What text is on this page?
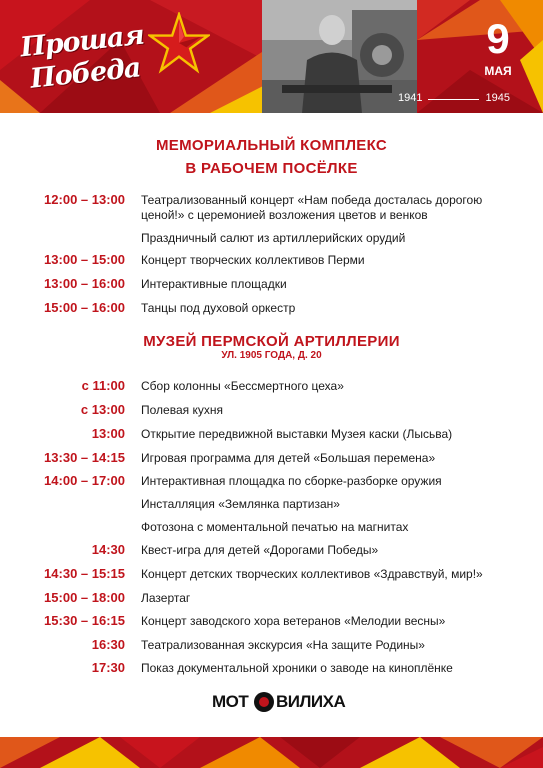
Прошая
Победа
9
МАЯ
1941	1945
МЕМОРИАЛЬНЫЙ КОМПЛЕКС
В РАБОЧЕМ ПОСЁЛКЕ
12:00 – 13:00 Театрализованный концерт «Нам победа досталась дорогою
ценой!» с церемонией возложения цветов и венков
Праздничный салют из артиллерийских орудий
13:00 – 15:00 Концерт творческих коллективов Перми
13:00 – 16:00 Интерактивные площадки
15:00 – 16:00 Танцы под духовой оркестр
МУЗЕЙ ПЕРМСКОЙ АРТИЛЛЕРИИ
УЛ. 1905 ГОДА, Д. 20
с 11:00 Сбор колонны «Бессмертного цеха»
с 13:00 Полевая кухня
13:00 Открытие передвижной выставки Музея каски (Лысьва)
13:30 – 14:15 Игровая программа для детей «Большая перемена»
14:00 – 17:00 Интерактивная площадка по сборке-разборке оружия
Инсталляция «Землянка партизан»
Фотозона с моментальной печатью на магнитах
14:30 Квест-игра для детей «Дорогами Победы»
14:30 – 15:15 Концерт детских творческих коллективов «Здравствуй, мир!»
15:00 – 18:00 Лазертаг
15:30 – 16:15 Концерт заводского хора ветеранов «Мелодии весны»
16:30 Театрализованная экскурсия «На защите Родины»
17:30 Показ документальной хроники о заводе на киноплёнке
МОТ ВИЛИХА
